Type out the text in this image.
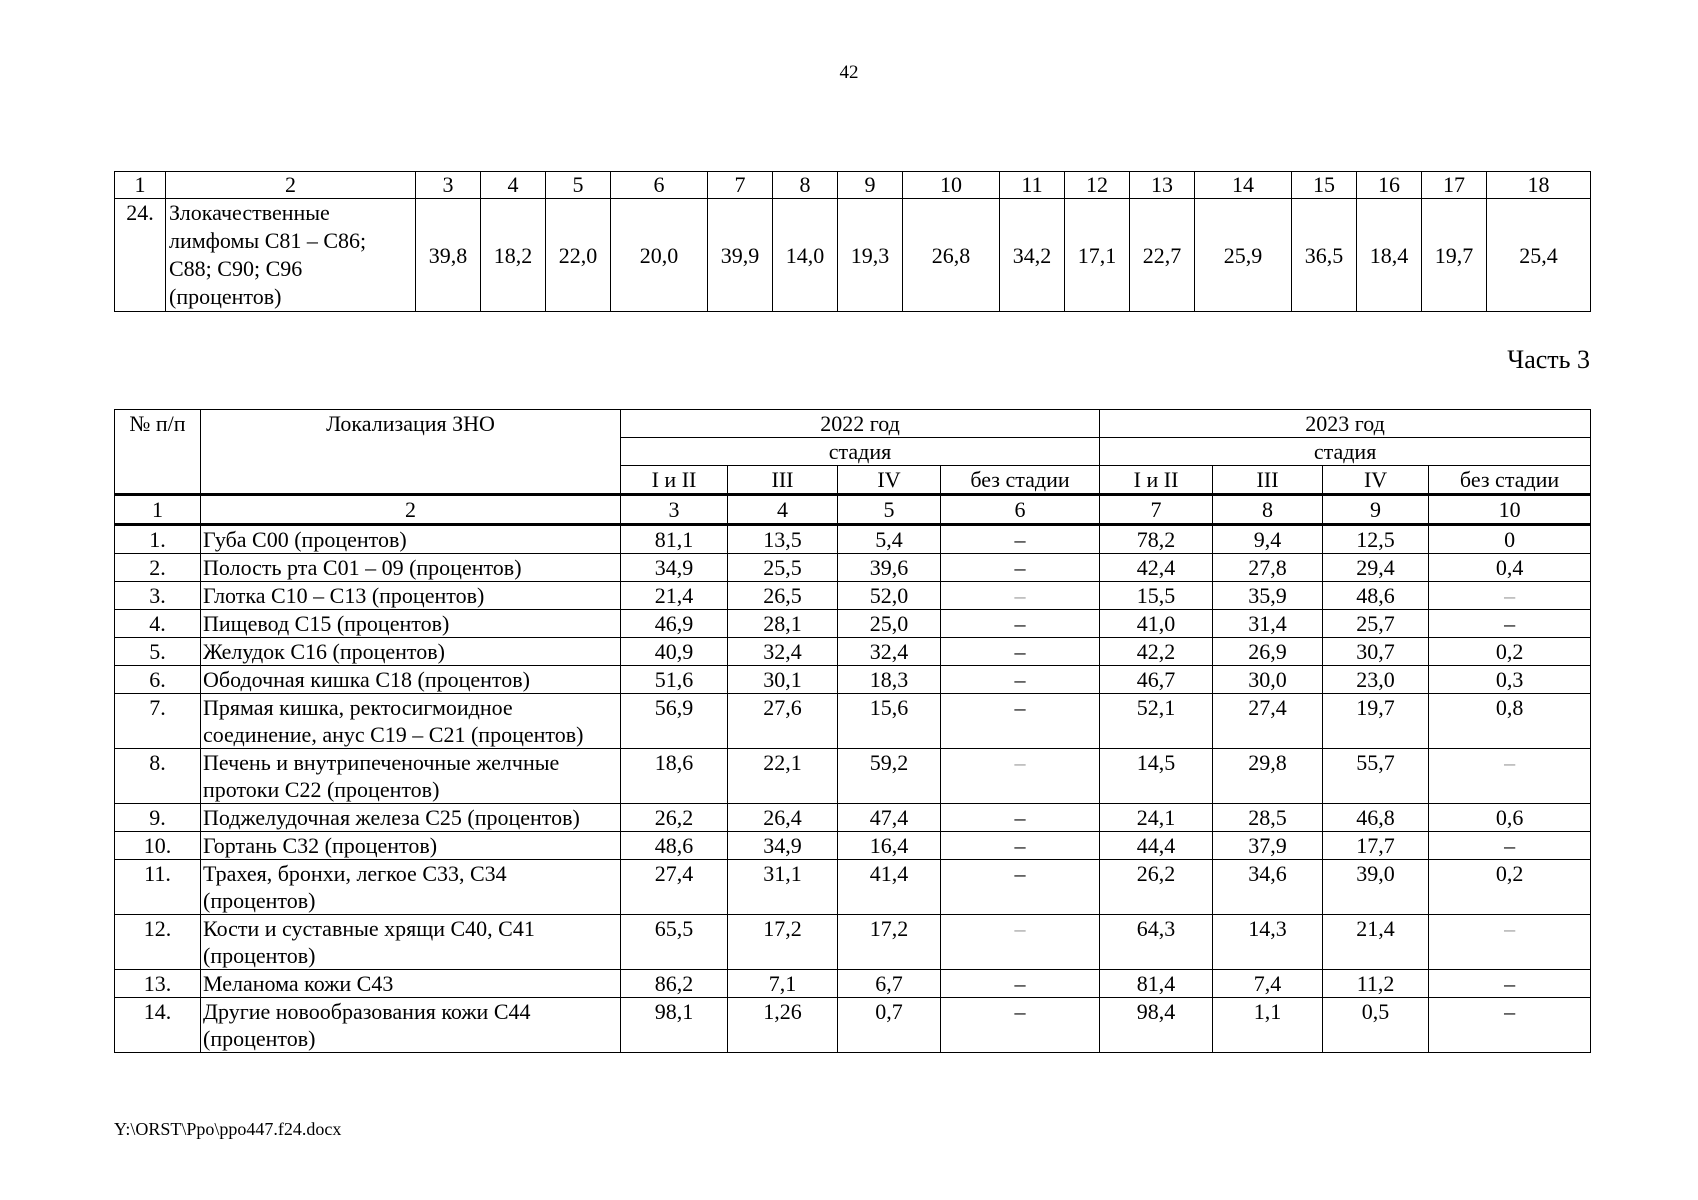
42
1	2	3	4	5	6	7	8	9	10	11	12	13	14	15	16	17	18
24.	Злокачественные лимфомы С81 – С86; С88; С90; С96 (процентов)	39,8	18,2	22,0	20,0	39,9	14,0	19,3	26,8	34,2	17,1	22,7	25,9	36,5	18,4	19,7	25,4
Часть 3
№ п/п	Локализация ЗНО	2022 год				2023 год			
		стадия				стадия			
		I и II	III	IV	без стадии	I и II	III	IV	без стадии
1	2	3	4	5	6	7	8	9	10
1.	Губа С00 (процентов)	81,1	13,5	5,4	–	78,2	9,4	12,5	0
2.	Полость рта С01 – 09 (процентов)	34,9	25,5	39,6	–	42,4	27,8	29,4	0,4
3.	Глотка С10 – С13 (процентов)	21,4	26,5	52,0	–	15,5	35,9	48,6	–
4.	Пищевод С15 (процентов)	46,9	28,1	25,0	–	41,0	31,4	25,7	–
5.	Желудок С16 (процентов)	40,9	32,4	32,4	–	42,2	26,9	30,7	0,2
6.	Ободочная кишка С18 (процентов)	51,6	30,1	18,3	–	46,7	30,0	23,0	0,3
7.	Прямая кишка, ректосигмоидное соединение, анус С19 – С21 (процентов)	56,9	27,6	15,6	–	52,1	27,4	19,7	0,8
8.	Печень и внутрипеченочные желчные протоки С22 (процентов)	18,6	22,1	59,2	–	14,5	29,8	55,7	–
9.	Поджелудочная железа С25 (процентов)	26,2	26,4	47,4	–	24,1	28,5	46,8	0,6
10.	Гортань С32 (процентов)	48,6	34,9	16,4	–	44,4	37,9	17,7	–
11.	Трахея, бронхи, легкое С33, С34 (процентов)	27,4	31,1	41,4	–	26,2	34,6	39,0	0,2
12.	Кости и суставные хрящи С40, С41 (процентов)	65,5	17,2	17,2	–	64,3	14,3	21,4	–
13.	Меланома кожи С43	86,2	7,1	6,7	–	81,4	7,4	11,2	–
14.	Другие новообразования кожи С44 (процентов)	98,1	1,26	0,7	–	98,4	1,1	0,5	–
Y:\ORST\Ppo\ppo447.f24.docx
